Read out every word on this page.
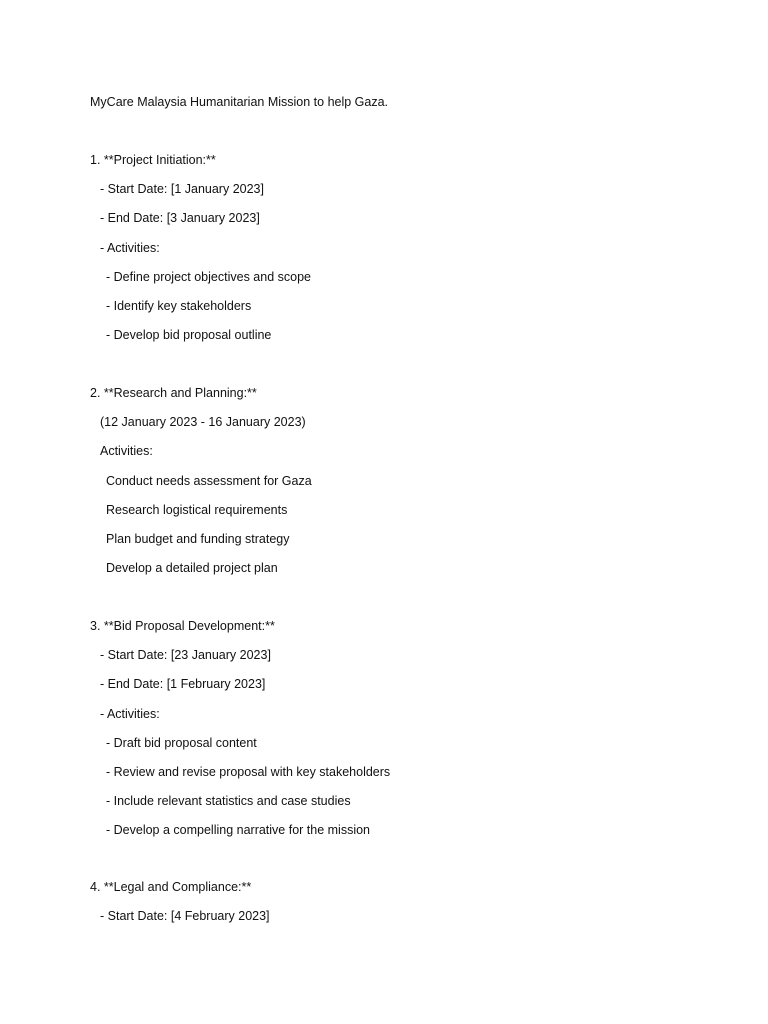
MyCare Malaysia Humanitarian Mission to help Gaza.
1. **Project Initiation:**
- Start Date: [1 January 2023]
- End Date: [3 January 2023]
- Activities:
- Define project objectives and scope
- Identify key stakeholders
- Develop bid proposal outline
2. **Research and Planning:**
(12 January 2023 - 16 January 2023)
Activities:
Conduct needs assessment for Gaza
Research logistical requirements
Plan budget and funding strategy
Develop a detailed project plan
3. **Bid Proposal Development:**
- Start Date: [23 January 2023]
- End Date: [1 February 2023]
- Activities:
- Draft bid proposal content
- Review and revise proposal with key stakeholders
- Include relevant statistics and case studies
- Develop a compelling narrative for the mission
4. **Legal and Compliance:**
- Start Date: [4 February 2023]
